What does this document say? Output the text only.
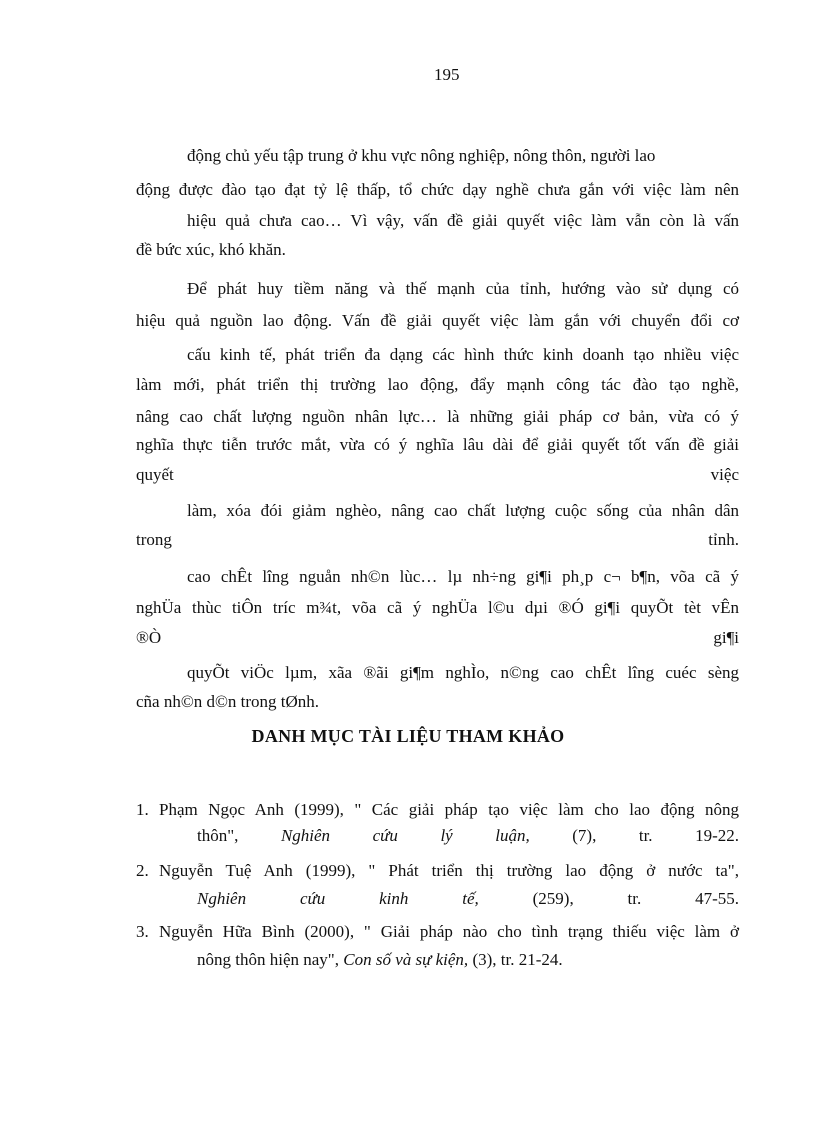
195
động chủ yếu tập trung ở khu vực nông nghiệp, nông thôn, người lao
động được đào tạo đạt tỷ lệ thấp, tổ chức dạy nghề chưa gắn với việc làm nên
hiệu quả chưa cao… Vì vậy, vấn đề giải quyết việc làm vẫn còn là vấn
đề bức xúc, khó khăn.
Để phát huy tiềm năng và thế mạnh của tỉnh, hướng vào sử dụng có
hiệu quả nguồn lao động. Vấn đề giải quyết việc làm gắn với chuyển đổi cơ
cấu kinh tế, phát triển đa dạng các hình thức kinh doanh tạo nhiều việc
làm mới, phát triển thị trường lao động, đẩy mạnh công tác đào tạo nghề,
nâng cao chất lượng nguồn nhân lực… là những giải pháp cơ bản, vừa có ý
nghĩa thực tiễn trước mắt, vừa có ý nghĩa lâu dài để giải quyết tốt vấn đề giải
quyết	việc
làm, xóa đói giảm nghèo, nâng cao chất lượng cuộc sống của nhân dân
trong	tỉnh.
cao chÊt lîng nguån nh©n lùc… lµ nh÷ng gi¶i ph¸p c¬ b¶n, võa cã ý
nghÜa thùc tiÔn tríc m¾t, võa cã ý nghÜa l©u dµi ®Ó gi¶i quyÕt tèt vÊn
®Ò	gi¶i
quyÕt viÖc lµm, xãa ®ãi gi¶m nghÌo, n©ng cao chÊt lîng cuéc sèng
cña nh©n d©n trong tØnh.
DANH MỤC TÀI LIỆU THAM KHẢO
1. Phạm Ngọc Anh (1999), " Các giải pháp tạo việc làm cho lao động nông
thôn",	Nghiên cứu lý luận,	(7),	tr. 19-22.
2. Nguyễn Tuệ Anh (1999), " Phát triển thị trường lao động ở nước ta",
Nghiên	cứu	kinh	tế,	(259),	tr. 47-55.
3. Nguyễn Hữa Bình (2000), " Giải pháp nào cho tình trạng thiếu việc làm ở
nông thôn hiện nay", Con số và sự kiện, (3), tr. 21-24.
